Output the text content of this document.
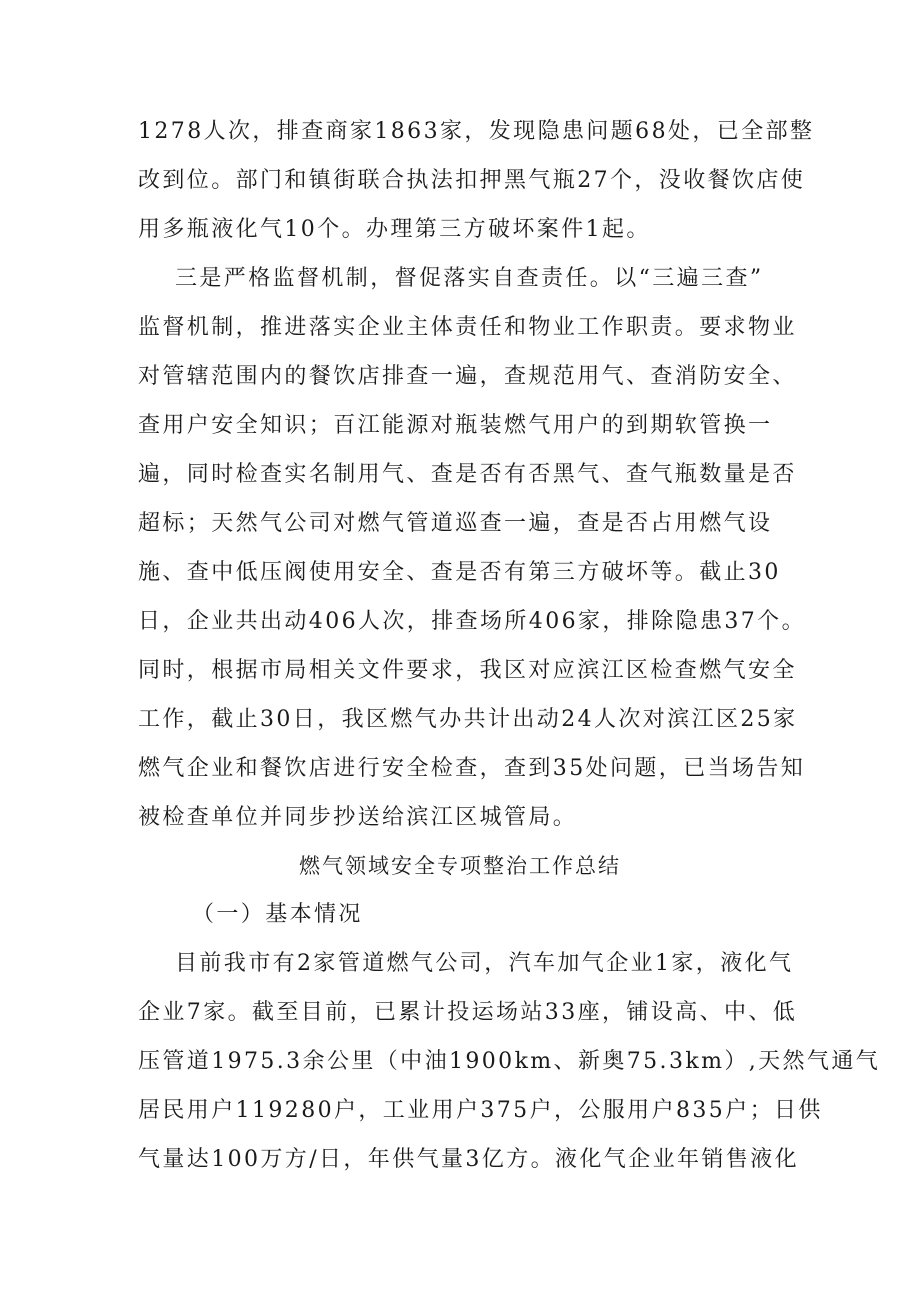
1278人次，排查商家1863家，发现隐患问题68处，已全部整
改到位。部门和镇街联合执法扣押黑气瓶27个，没收餐饮店使
用多瓶液化气10个。办理第三方破坏案件1起。
三是严格监督机制，督促落实自查责任。以“三遍三查”
监督机制，推进落实企业主体责任和物业工作职责。要求物业
对管辖范围内的餐饮店排查一遍，查规范用气、查消防安全、
查用户安全知识；百江能源对瓶装燃气用户的到期软管换一
遍，同时检查实名制用气、查是否有否黑气、查气瓶数量是否
超标；天然气公司对燃气管道巡查一遍，查是否占用燃气设
施、查中低压阀使用安全、查是否有第三方破坏等。截止30
日，企业共出动406人次，排查场所406家，排除隐患37个。
同时，根据市局相关文件要求，我区对应滨江区检查燃气安全
工作，截止30日，我区燃气办共计出动24人次对滨江区25家
燃气企业和餐饮店进行安全检查，查到35处问题，已当场告知
被检查单位并同步抄送给滨江区城管局。
燃气领域安全专项整治工作总结
（一）基本情况
目前我市有2家管道燃气公司，汽车加气企业1家，液化气
企业7家。截至目前，已累计投运场站33座，铺设高、中、低
压管道1975.3余公里（中油1900km、新奥75.3km）,天然气通气
居民用户119280户，工业用户375户，公服用户835户；日供
气量达100万方/日，年供气量3亿方。液化气企业年销售液化
